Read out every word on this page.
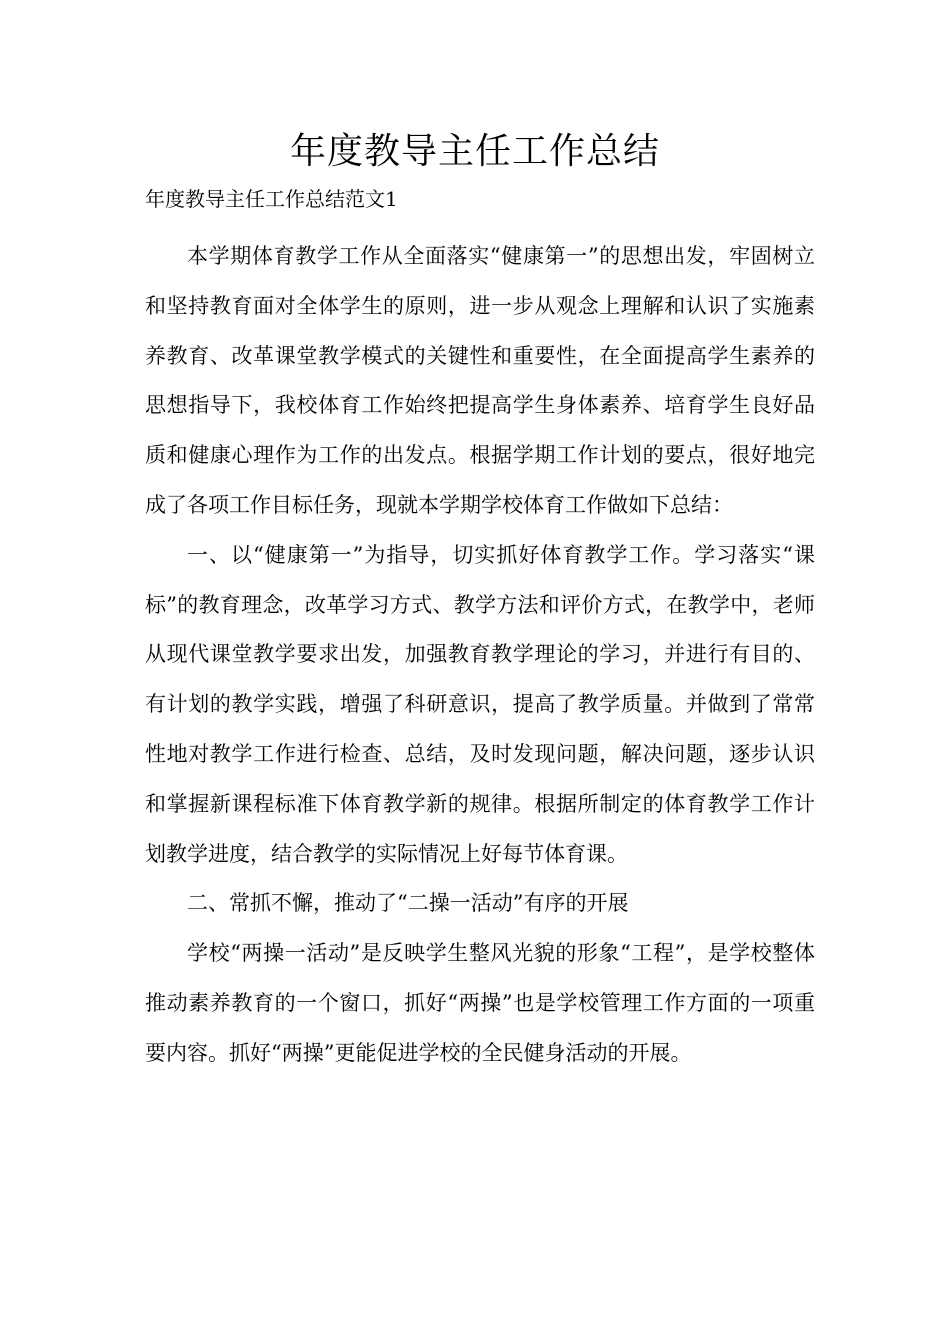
年度教导主任工作总结

年度教导主任工作总结范文1

本学期体育教学工作从全面落实“健康第一”的思想出发，牢固树立和坚持教育面对全体学生的原则，进一步从观念上理解和认识了实施素养教育、改革课堂教学模式的关键性和重要性，在全面提高学生素养的思想指导下，我校体育工作始终把提高学生身体素养、培育学生良好品质和健康心理作为工作的出发点。根据学期工作计划的要点，很好地完成了各项工作目标任务，现就本学期学校体育工作做如下总结：

一、以“健康第一”为指导，切实抓好体育教学工作。学习落实“课标”的教育理念，改革学习方式、教学方法和评价方式，在教学中，老师从现代课堂教学要求出发，加强教育教学理论的学习，并进行有目的、有计划的教学实践，增强了科研意识，提高了教学质量。并做到了常常性地对教学工作进行检查、总结，及时发现问题，解决问题，逐步认识和掌握新课程标准下体育教学新的规律。根据所制定的体育教学工作计划教学进度，结合教学的实际情况上好每节体育课。

二、常抓不懈，推动了“二操一活动”有序的开展

学校“两操一活动”是反映学生整风光貌的形象“工程”，是学校整体推动素养教育的一个窗口，抓好“两操”也是学校管理工作方面的一项重要内容。抓好“两操”更能促进学校的全民健身活动的开展。
